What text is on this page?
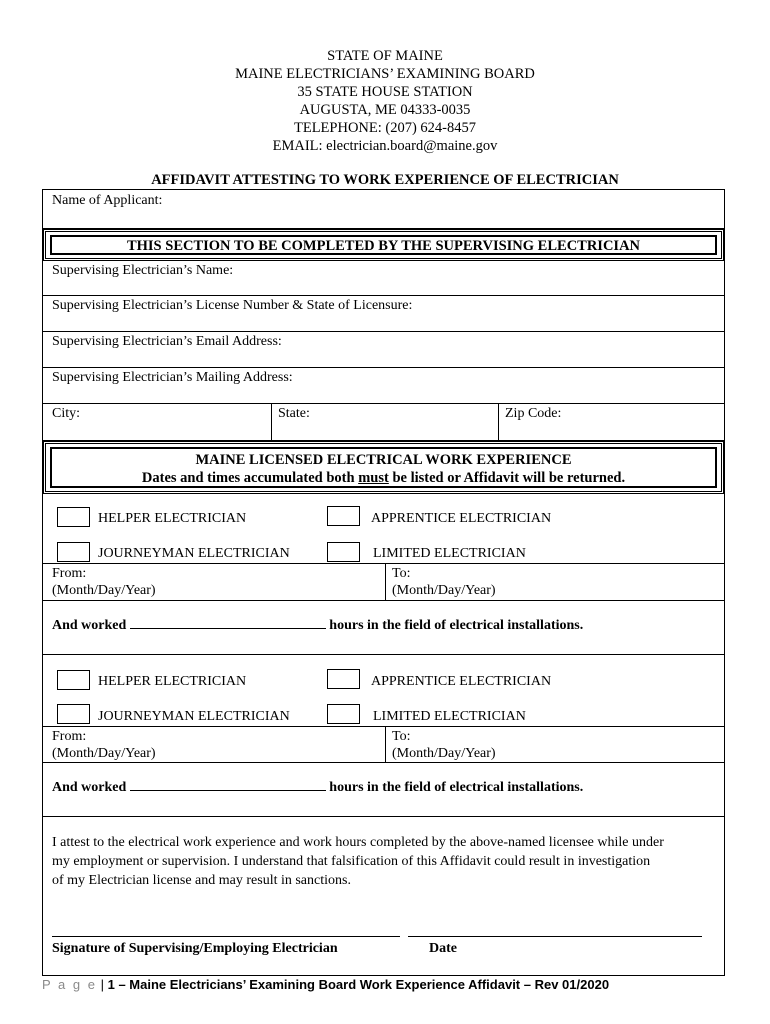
STATE OF MAINE
MAINE ELECTRICIANS’ EXAMINING BOARD
35 STATE HOUSE STATION
AUGUSTA, ME 04333-0035
TELEPHONE: (207) 624-8457
EMAIL: electrician.board@maine.gov
AFFIDAVIT ATTESTING TO WORK EXPERIENCE OF ELECTRICIAN
Name of Applicant:
THIS SECTION TO BE COMPLETED BY THE SUPERVISING ELECTRICIAN
Supervising Electrician’s Name:
Supervising Electrician’s License Number & State of Licensure:
Supervising Electrician’s Email Address:
Supervising Electrician’s Mailing Address:
City:	State:	Zip Code:
MAINE LICENSED ELECTRICAL WORK EXPERIENCE
Dates and times accumulated both must be listed or Affidavit will be returned.
HELPER ELECTRICIAN	APPRENTICE ELECTRICIAN
JOURNEYMAN ELECTRICIAN	LIMITED ELECTRICIAN
From:
(Month/Day/Year)
To:
(Month/Day/Year)
And worked	hours in the field of electrical installations.
HELPER ELECTRICIAN	APPRENTICE ELECTRICIAN
JOURNEYMAN ELECTRICIAN	LIMITED ELECTRICIAN
From:
(Month/Day/Year)
To:
(Month/Day/Year)
And worked	hours in the field of electrical installations.
I attest to the electrical work experience and work hours completed by the above-named licensee while under
my employment or supervision. I understand that falsification of this Affidavit could result in investigation
of my Electrician license and may result in sanctions.
Signature of Supervising/Employing Electrician	Date
P a g e | 1 – Maine Electricians’ Examining Board Work Experience Affidavit – Rev 01/2020
